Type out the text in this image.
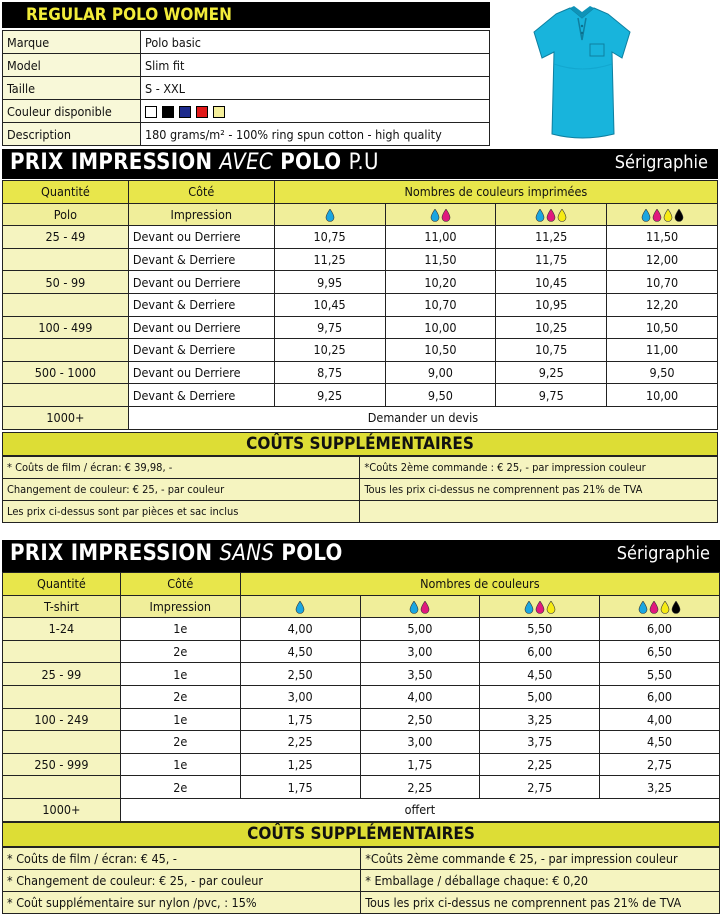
REGULAR POLO WOMEN
Marque	Polo basic
Model	Slim fit
Taille	S - XXL
Couleur disponible	
Description	180 grams/m² - 100% ring spun cotton - high quality
PRIX IMPRESSION AVEC POLO P.U	Sérigraphie
Quantité	Côté	Nombres de couleurs imprimées			
Polo	Impression	

25 - 49	Devant ou Derriere	10,75	11,00	11,25	11,50
	Devant & Derriere	11,25	11,50	11,75	12,00
50 - 99	Devant ou Derriere	9,95	10,20	10,45	10,70
	Devant & Derriere	10,45	10,70	10,95	12,20
100 - 499	Devant ou Derriere	9,75	10,00	10,25	10,50
	Devant & Derriere	10,25	10,50	10,75	11,00
500 - 1000	Devant ou Derriere	8,75	9,00	9,25	9,50
	Devant & Derriere	9,25	9,50	9,75	10,00
1000+	Demander un devis				
COÛTS SUPPLÉMENTAIRES
* Coûts de film / écran: € 39,98, -	*Coûts 2ème commande : € 25, - par impression couleur
Changement de couleur: € 25, - par couleur	Tous les prix ci-dessus ne comprennent pas 21% de TVA
Les prix ci-dessus sont par pièces et sac inclus	
PRIX IMPRESSION SANS POLO	Sérigraphie
Quantité	Côté	Nombres de couleurs			
T-shirt	Impression	

1-24	1e	4,00	5,00	5,50	6,00
	2e	4,50	3,00	6,00	6,50
25 - 99	1e	2,50	3,50	4,50	5,50
	2e	3,00	4,00	5,00	6,00
100 - 249	1e	1,75	2,50	3,25	4,00
	2e	2,25	3,00	3,75	4,50
250 - 999	1e	1,25	1,75	2,25	2,75
	2e	1,75	2,25	2,75	3,25
1000+	offert				
COÛTS SUPPLÉMENTAIRES
* Coûts de film / écran: € 45, -	*Coûts 2ème commande € 25, - par impression couleur
* Changement de couleur: € 25, - par couleur	* Emballage / déballage chaque: € 0,20
* Coût supplémentaire sur nylon /pvc, : 15%	Tous les prix ci-dessus ne comprennent pas 21% de TVA
